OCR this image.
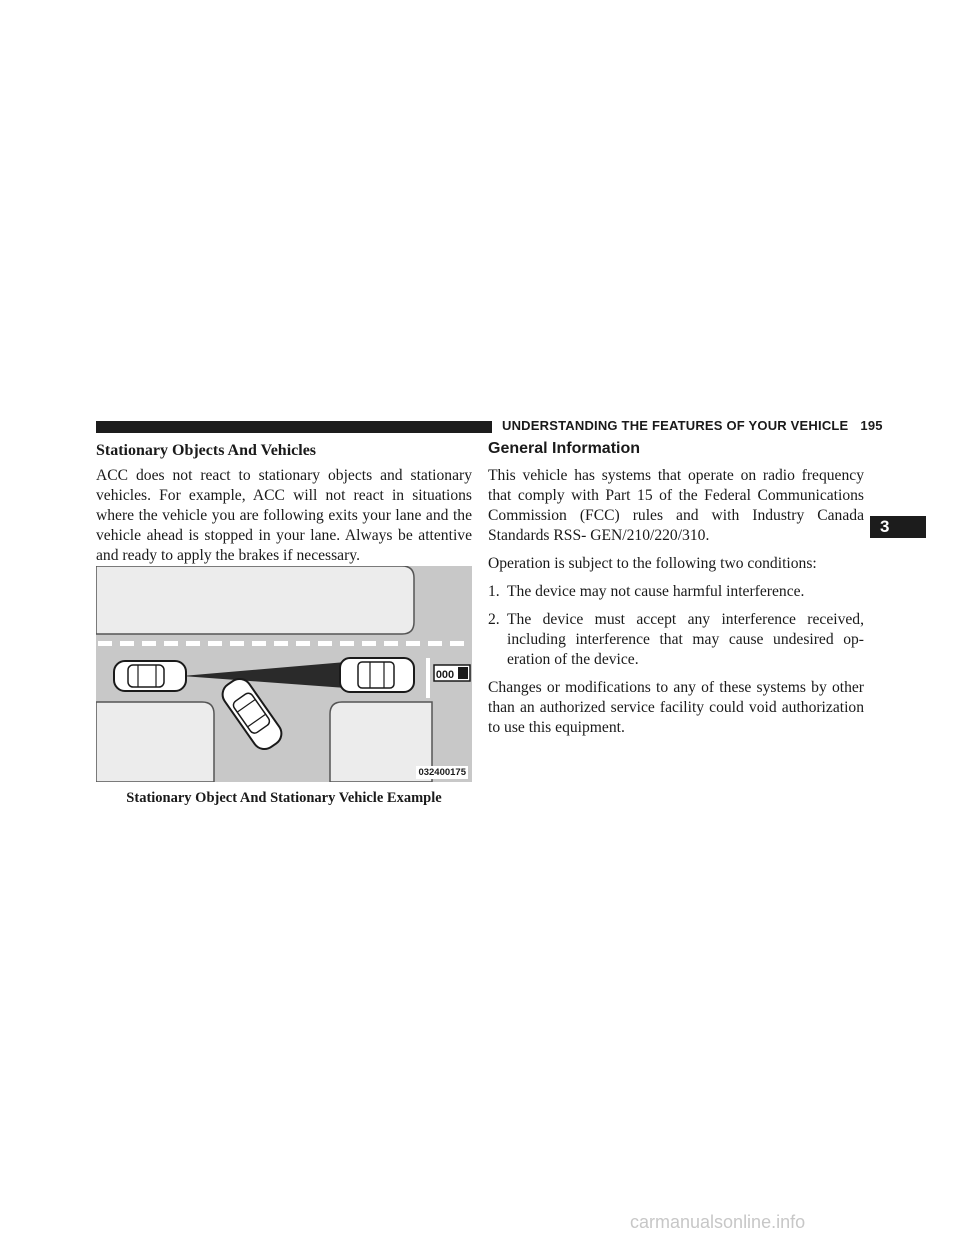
UNDERSTANDING THE FEATURES OF YOUR VEHICLE 195
3
Stationary Objects And Vehicles

ACC does not react to stationary objects and stationary vehicles. For example, ACC will not react in situations where the vehicle you are following exits your lane and the vehicle ahead is stopped in your lane. Always be attentive and ready to apply the brakes if necessary.

000
032400175
Stationary Object And Stationary Vehicle Example
General Information

This vehicle has systems that operate on radio frequency that comply with Part 15 of the Federal Communications Commission (FCC) rules and with Industry Canada Standards RSS- GEN/210/220/310.

Operation is subject to the following two conditions:

1. The device may not cause harmful interference.
2. The device must accept any interference received, including interference that may cause undesired op-eration of the device.

Changes or modifications to any of these systems by other than an authorized service facility could void authorization to use this equipment.

carmanualsonline.info
